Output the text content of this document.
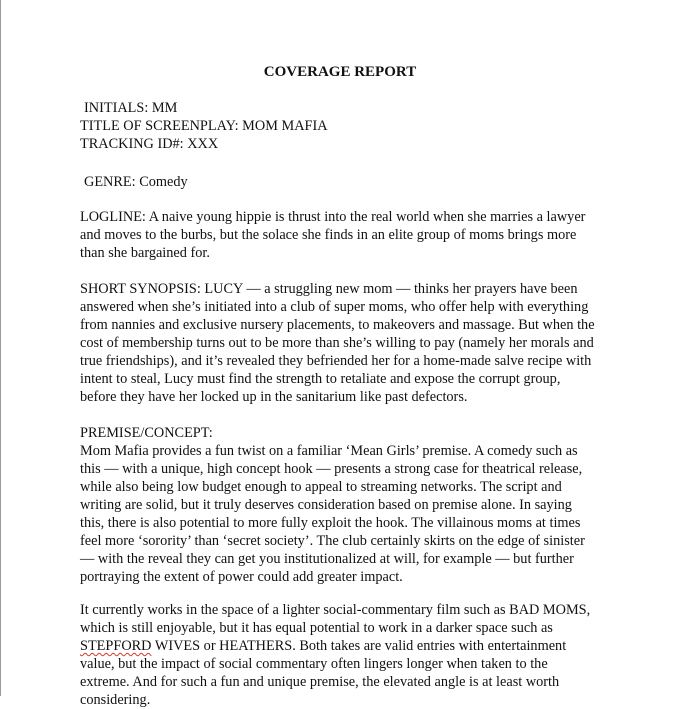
COVERAGE REPORT
INITIALS: MM
TITLE OF SCREENPLAY: MOM MAFIA
TRACKING ID#: XXX
GENRE: Comedy
LOGLINE: A naive young hippie is thrust into the real world when she marries a lawyer
and moves to the burbs, but the solace she finds in an elite group of moms brings more
than she bargained for.
SHORT SYNOPSIS: LUCY — a struggling new mom — thinks her prayers have been
answered when she’s initiated into a club of super moms, who offer help with everything
from nannies and exclusive nursery placements, to makeovers and massage. But when the
cost of membership turns out to be more than she’s willing to pay (namely her morals and
true friendships), and it’s revealed they befriended her for a home-made salve recipe with
intent to steal, Lucy must find the strength to retaliate and expose the corrupt group,
before they have her locked up in the sanitarium like past defectors.
PREMISE/CONCEPT:
Mom Mafia provides a fun twist on a familiar ‘Mean Girls’ premise. A comedy such as
this — with a unique, high concept hook — presents a strong case for theatrical release,
while also being low budget enough to appeal to streaming networks. The script and
writing are solid, but it truly deserves consideration based on premise alone. In saying
this, there is also potential to more fully exploit the hook. The villainous moms at times
feel more ‘sorority’ than ‘secret society’. The club certainly skirts on the edge of sinister
— with the reveal they can get you institutionalized at will, for example — but further
portraying the extent of power could add greater impact.
It currently works in the space of a lighter social-commentary film such as BAD MOMS,
which is still enjoyable, but it has equal potential to work in a darker space such as
STEPFORD WIVES or HEATHERS. Both takes are valid entries with entertainment
value, but the impact of social commentary often lingers longer when taken to the
extreme. And for such a fun and unique premise, the elevated angle is at least worth
considering.
